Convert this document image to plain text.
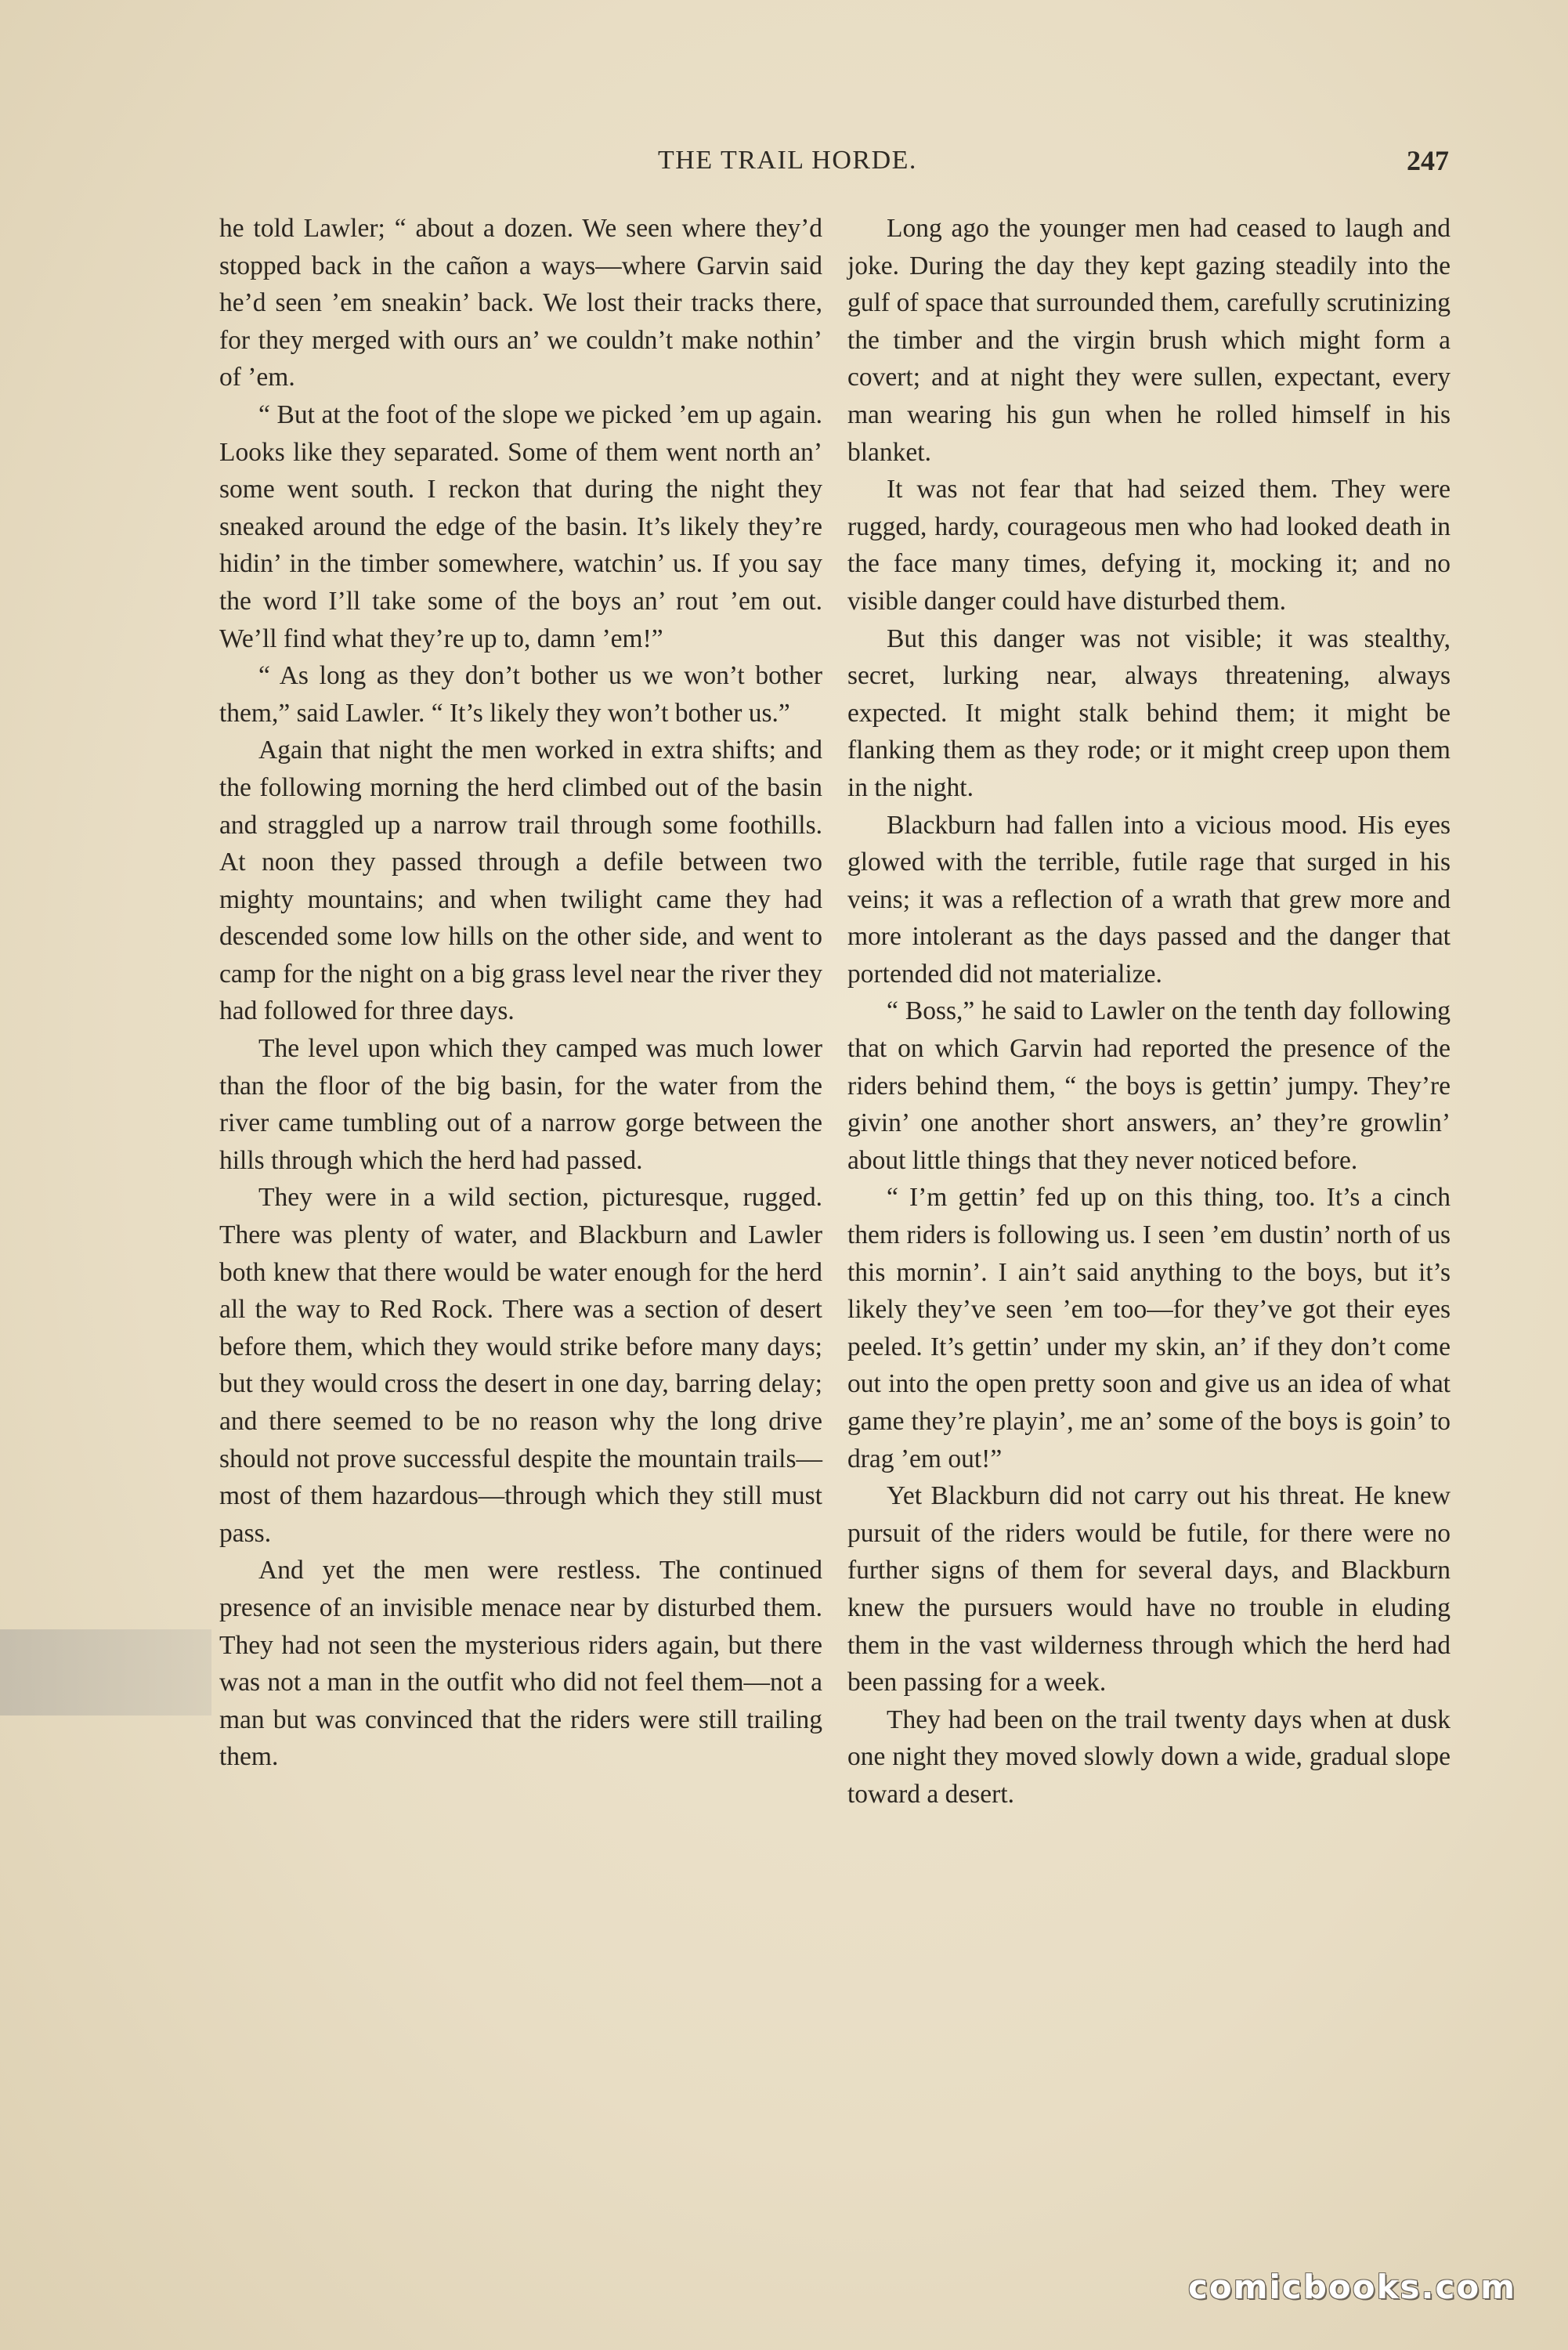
THE TRAIL HORDE.	247

he told Lawler; “ about a dozen. We seen where they’d stopped back in the cañon a ways—where Garvin said he’d seen ’em sneakin’ back. We lost their tracks there, for they merged with ours an’ we couldn’t make nothin’ of ’em.

“ But at the foot of the slope we picked ’em up again. Looks like they separated. Some of them went north an’ some went south. I reckon that during the night they sneaked around the edge of the basin. It’s likely they’re hidin’ in the timber somewhere, watchin’ us. If you say the word I’ll take some of the boys an’ rout ’em out. We’ll find what they’re up to, damn ’em!”

“ As long as they don’t bother us we won’t bother them,” said Lawler. “ It’s likely they won’t bother us.”

Again that night the men worked in extra shifts; and the following morning the herd climbed out of the basin and straggled up a narrow trail through some foothills. At noon they passed through a defile between two mighty mountains; and when twilight came they had descended some low hills on the other side, and went to camp for the night on a big grass level near the river they had followed for three days.

The level upon which they camped was much lower than the floor of the big basin, for the water from the river came tumbling out of a narrow gorge between the hills through which the herd had passed.

They were in a wild section, picturesque, rugged. There was plenty of water, and Blackburn and Lawler both knew that there would be water enough for the herd all the way to Red Rock. There was a section of desert before them, which they would strike before many days; but they would cross the desert in one day, barring delay; and there seemed to be no reason why the long drive should not prove successful despite the mountain trails—most of them hazardous—through which they still must pass.

And yet the men were restless. The continued presence of an invisible menace near by disturbed them. They had not seen the mysterious riders again, but there was not a man in the outfit who did not feel them—not a man but was convinced that the riders were still trailing them.

Long ago the younger men had ceased to laugh and joke. During the day they kept gazing steadily into the gulf of space that surrounded them, carefully scrutinizing the timber and the virgin brush which might form a covert; and at night they were sullen, expectant, every man wearing his gun when he rolled himself in his blanket.

It was not fear that had seized them. They were rugged, hardy, courageous men who had looked death in the face many times, defying it, mocking it; and no visible danger could have disturbed them.

But this danger was not visible; it was stealthy, secret, lurking near, always threatening, always expected. It might stalk behind them; it might be flanking them as they rode; or it might creep upon them in the night.

Blackburn had fallen into a vicious mood. His eyes glowed with the terrible, futile rage that surged in his veins; it was a reflection of a wrath that grew more and more intolerant as the days passed and the danger that portended did not materialize.

“ Boss,” he said to Lawler on the tenth day following that on which Garvin had reported the presence of the riders behind them, “ the boys is gettin’ jumpy. They’re givin’ one another short answers, an’ they’re growlin’ about little things that they never noticed before.

“ I’m gettin’ fed up on this thing, too. It’s a cinch them riders is following us. I seen ’em dustin’ north of us this mornin’. I ain’t said anything to the boys, but it’s likely they’ve seen ’em too—for they’ve got their eyes peeled. It’s gettin’ under my skin, an’ if they don’t come out into the open pretty soon and give us an idea of what game they’re playin’, me an’ some of the boys is goin’ to drag ’em out!”

Yet Blackburn did not carry out his threat. He knew pursuit of the riders would be futile, for there were no further signs of them for several days, and Blackburn knew the pursuers would have no trouble in eluding them in the vast wilderness through which the herd had been passing for a week.

They had been on the trail twenty days when at dusk one night they moved slowly down a wide, gradual slope toward a desert.

comicbooks.com
